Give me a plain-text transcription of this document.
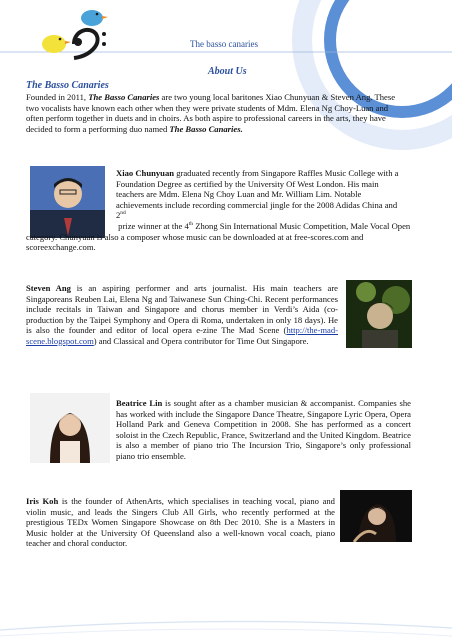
The basso canaries
About Us
The Basso Canaries
Founded in 2011, The Basso Canaries are two young local baritones Xiao Chunyuan & Steven Ang. These two vocalists have known each other when they were private students of Mdm. Elena Ng Choy-Luan and often perform together in duets and in choirs. As both aspire to professional careers in the arts, they have decided to form a performing duo named The Basso Canaries.
Xiao Chunyuan graduated recently from Singapore Raffles Music College with a Foundation Degree as certified by the University Of West London. His main teachers are Mdm. Elena Ng Choy Luan and Mr. William Lim. Notable achievements include recording commercial jingle for the 2008 Adidas China and 2nd
prize winner at the 4th Zhong Sin International Music Competition, Male Vocal Open category. Chunyuan is also a composer whose music can be downloaded at at free-scores.com and scoreexchange.com.
Steven Ang is an aspiring performer and arts journalist. His main teachers are Singaporeans Reuben Lai, Elena Ng and Taiwanese Sun Ching-Chi. Recent performances include recitals in Taiwan and Singapore and chorus member in Verdi’s Aida (co-production by the Taipei Symphony and Opera di Roma, undertaken in only 18 days). He is also the founder and editor of local opera e-zine The Mad Scene (http://the-mad-scene.blogspot.com) and Classical and Opera contributor for Time Out Singapore.
Beatrice Lin is sought after as a chamber musician & accompanist. Companies she has worked with include the Singapore Dance Theatre, Singapore Lyric Opera, Opera Holland Park and Geneva Competition in 2008. She has performed as a concert soloist in the Czech Republic, France, Switzerland and the United Kingdom. Beatrice is also a member of piano trio The Incursion Trio, Singapore’s only professional piano trio ensemble.
Iris Koh is the founder of AthenArts, which specialises in teaching vocal, piano and violin music, and leads the Singers Club All Girls, who recently performed at the prestigious TEDx Women Singapore Showcase on 8th Dec 2010. She is a Masters in Music holder at the University Of Queensland also a well-known vocal coach, piano teacher and choral conductor.
